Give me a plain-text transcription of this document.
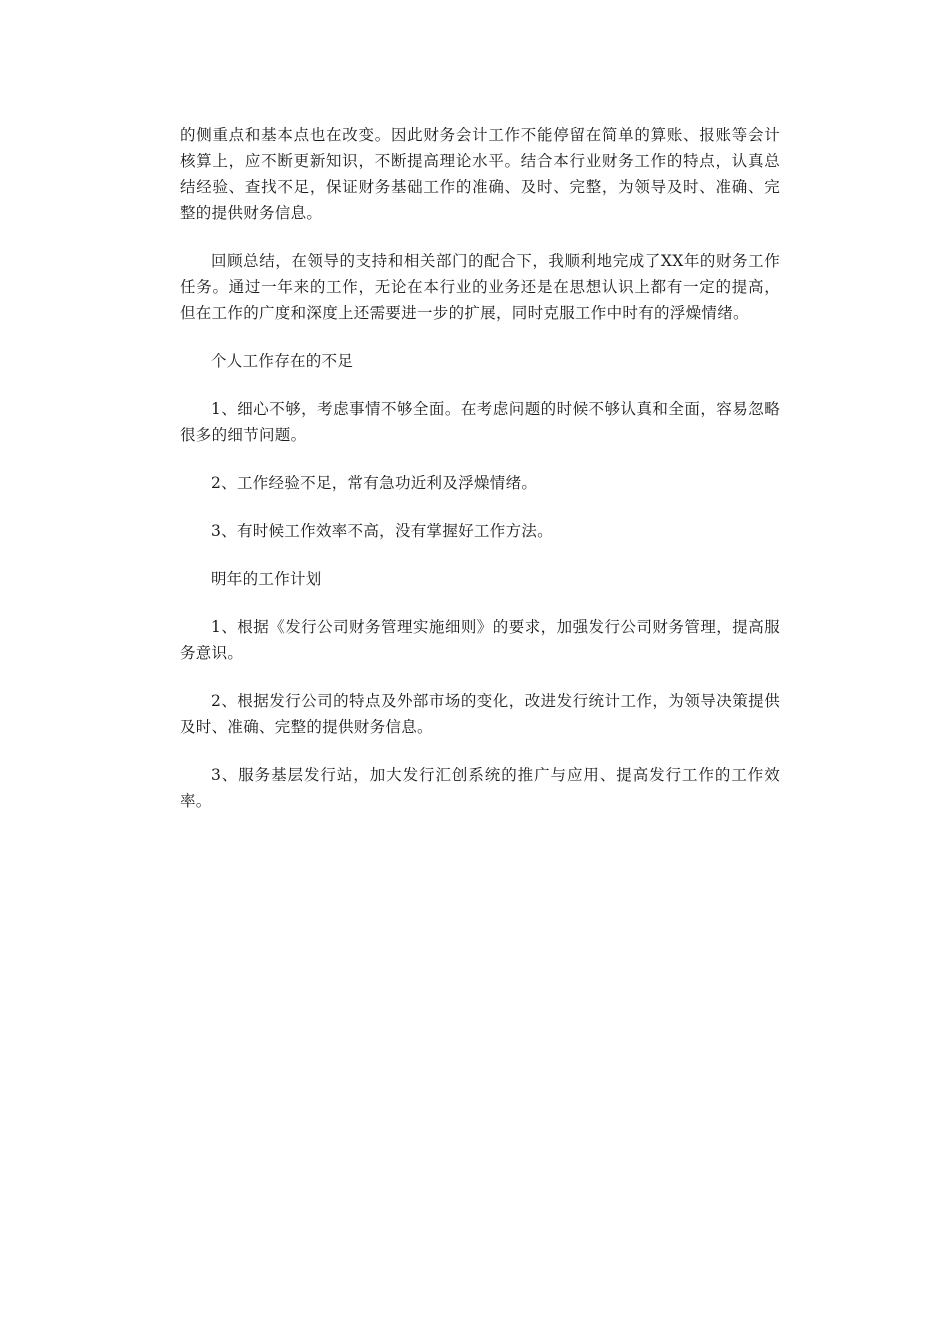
的侧重点和基本点也在改变。因此财务会计工作不能停留在简单的算账、报账等会计核算上，应不断更新知识，不断提高理论水平。结合本行业财务工作的特点，认真总结经验、查找不足，保证财务基础工作的准确、及时、完整，为领导及时、准确、完整的提供财务信息。

回顾总结，在领导的支持和相关部门的配合下，我顺利地完成了XX年的财务工作任务。通过一年来的工作，无论在本行业的业务还是在思想认识上都有一定的提高，但在工作的广度和深度上还需要进一步的扩展，同时克服工作中时有的浮燥情绪。

个人工作存在的不足

1、细心不够，考虑事情不够全面。在考虑问题的时候不够认真和全面，容易忽略很多的细节问题。

2、工作经验不足，常有急功近利及浮燥情绪。

3、有时候工作效率不高，没有掌握好工作方法。

明年的工作计划

1、根据《发行公司财务管理实施细则》的要求，加强发行公司财务管理，提高服务意识。

2、根据发行公司的特点及外部市场的变化，改进发行统计工作，为领导决策提供及时、准确、完整的提供财务信息。

3、服务基层发行站，加大发行汇创系统的推广与应用、提高发行工作的工作效率。
